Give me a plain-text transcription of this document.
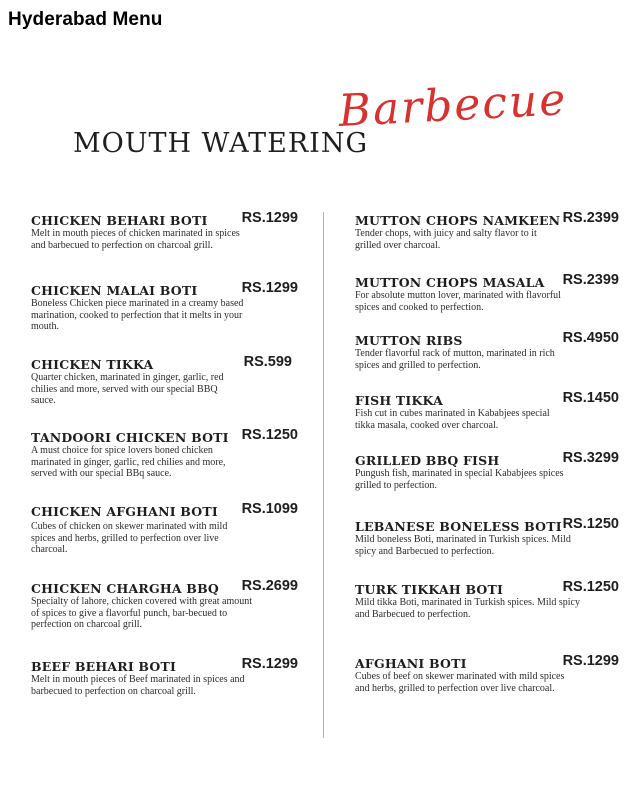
Hyderabad Menu
MOUTH WATERING
Barbecue
CHICKEN BEHARI BOTI RS.1299
Melt in mouth pieces of chicken marinated in spices and barbecued to perfection on charcoal grill.
CHICKEN MALAI BOTI	RS.1299
Boneless Chicken piece marinated in a creamy based marination, cooked to perfection that it melts in your mouth.
CHICKEN TIKKA	RS.599
Quarter chicken, marinated in ginger, garlic, red chilies and more, served with our special BBQ sauce.
TANDOORI CHICKEN BOTI RS.1250
A must choice for spice lovers boned chicken marinated in ginger, garlic, red chilies and more, served with our special BBq sauce.
CHICKEN AFGHANI BOTI RS.1099
Cubes of chicken on skewer marinated with mild spices and herbs, grilled to perfection over live charcoal.
CHICKEN CHARGHA BBQ RS.2699
Specialty of lahore, chicken covered with great amount of spices to give a flavorful punch, bar-becued to perfection on charcoal grill.
BEEF BEHARI BOTI	RS.1299
Melt in mouth pieces of Beef marinated in spices and barbecued to perfection on charcoal grill.
MUTTON CHOPS NAMKEEN RS.2399
Tender chops, with juicy and salty flavor to it grilled over charcoal.
MUTTON CHOPS MASALA RS.2399
For absolute mutton lover, marinated with flavorful spices and cooked to perfection.
MUTTON RIBS	RS.4950
Tender flavorful rack of mutton, marinated in rich spices and grilled to perfection.
FISH TIKKA	RS.1450
Fish cut in cubes marinated in Kababjees special tikka masala, cooked over charcoal.
GRILLED BBQ FISH	RS.3299
Pungush fish, marinated in special Kababjees spices grilled to perfection.
LEBANESE BONELESS BOTI RS.1250
Mild boneless Boti, marinated in Turkish spices. Mild spicy and Barbecued to perfection.
TURK TIKKAH BOTI	RS.1250
Mild tikka Boti, marinated in Turkish spices. Mild spicy and Barbecued to perfection.
AFGHANI BOTI	RS.1299
Cubes of beef on skewer marinated with mild spices and herbs, grilled to perfection over live charcoal.
